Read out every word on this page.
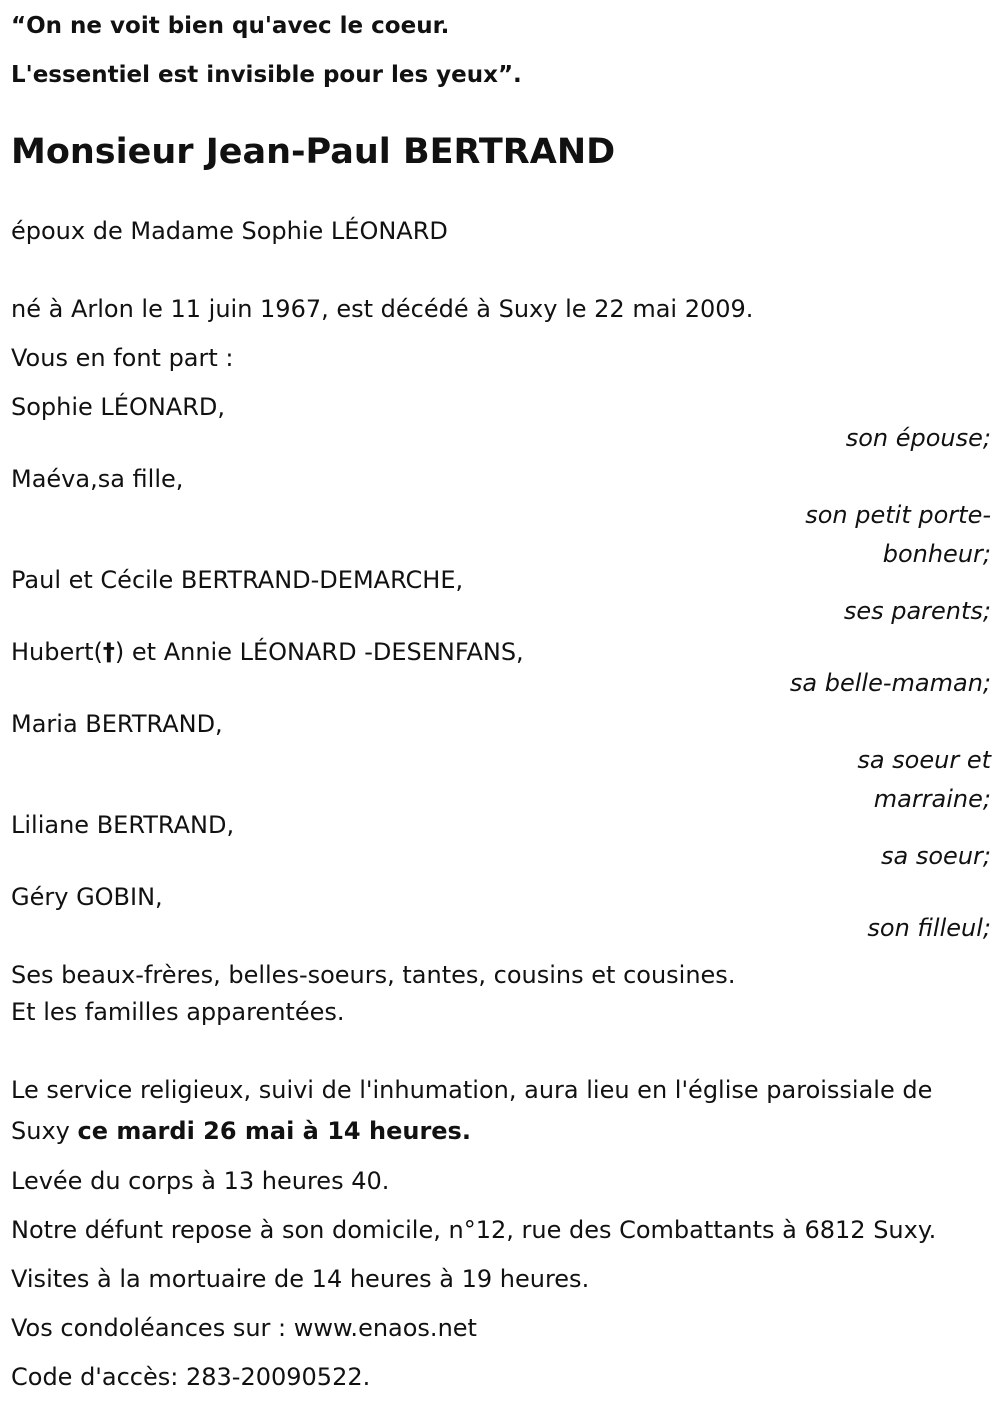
“On ne voit bien qu'avec le coeur.

L'essentiel est invisible pour les yeux”.

Monsieur Jean-Paul BERTRAND

époux de Madame Sophie LÉONARD

né à Arlon le 11 juin 1967, est décédé à Suxy le 22 mai 2009.

Vous en font part :

Sophie LÉONARD,

son épouse;

Maéva,sa fille,

son petit porte-

bonheur;

Paul et Cécile BERTRAND-DEMARCHE,

ses parents;

Hubert(†) et Annie LÉONARD -DESENFANS,

sa belle-maman;

Maria BERTRAND,

sa soeur et

marraine;

Liliane BERTRAND,

sa soeur;

Géry GOBIN,

son filleul;

Ses beaux-frères, belles-soeurs, tantes, cousins et cousines.

Et les familles apparentées.

Le service religieux, suivi de l'inhumation, aura lieu en l'église paroissiale de Suxy ce mardi 26 mai à 14 heures.

Levée du corps à 13 heures 40.

Notre défunt repose à son domicile, n°12, rue des Combattants à 6812 Suxy.

Visites à la mortuaire de 14 heures à 19 heures.

Vos condoléances sur : www.enaos.net

Code d'accès: 283-20090522.
